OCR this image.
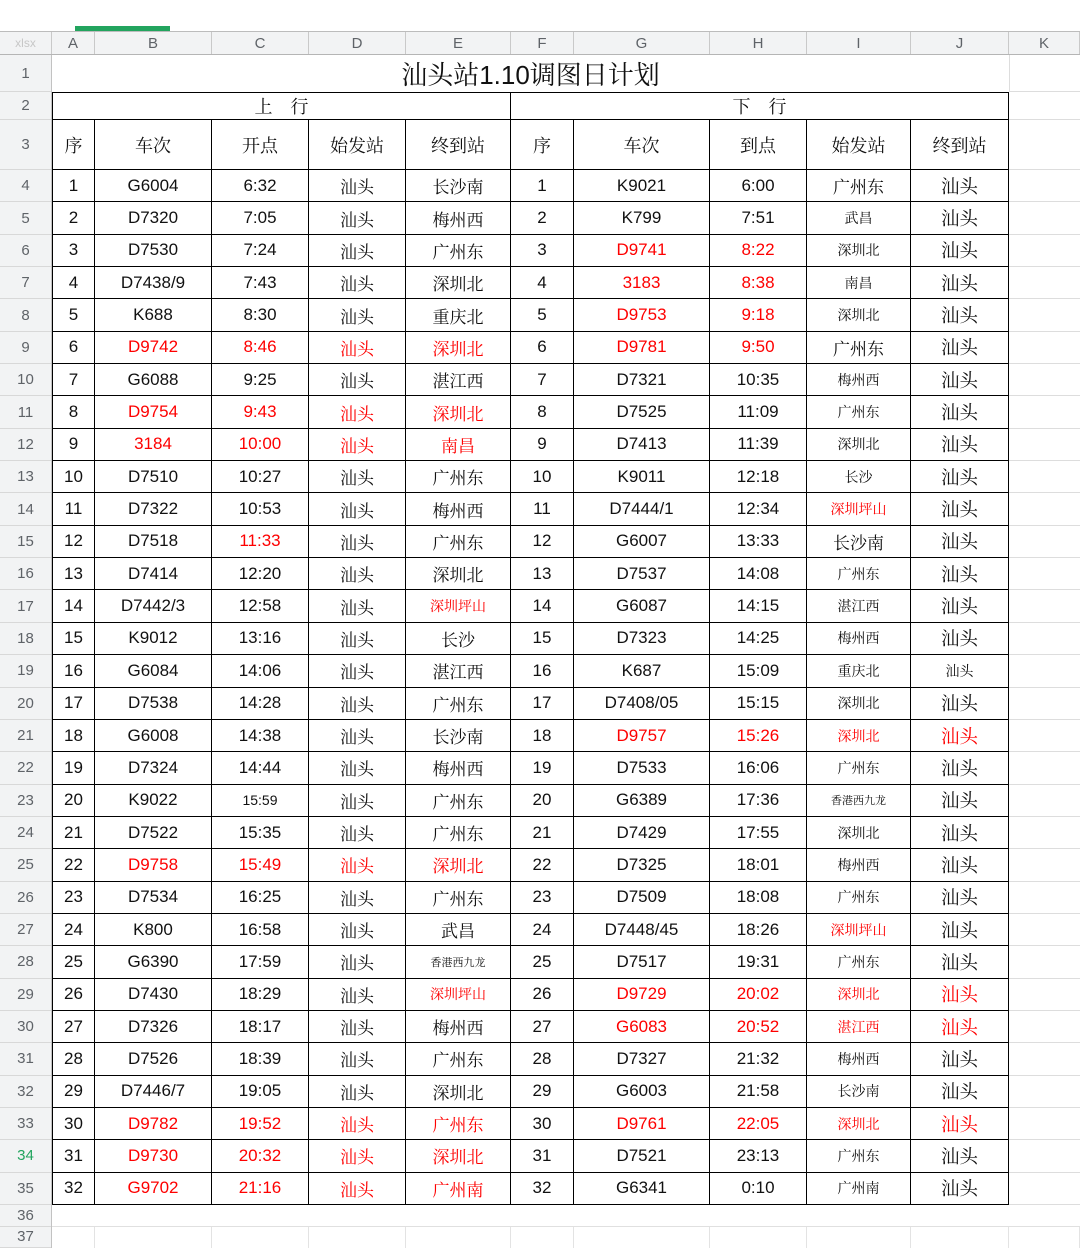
xlsx	A	B	C	D	E	F	G	H	I	J	K
1
2
3
4
5
6
7
8
9
10
11
12
13
14
15
16
17
18
19
20
21
22
23
24
25
26
27
28
29
30
31
32
33
34
35
36
37
汕头站1.10调图日计划
上　行	下　行
序	车次	开点	始发站	终到站	序	车次	到点	始发站	终到站
1	G6004	6:32	汕头	长沙南	1	K9021	6:00	广州东	汕头
2	D7320	7:05	汕头	梅州西	2	K799	7:51	武昌	汕头
3	D7530	7:24	汕头	广州东	3	D9741	8:22	深圳北	汕头
4	D7438/9	7:43	汕头	深圳北	4	3183	8:38	南昌	汕头
5	K688	8:30	汕头	重庆北	5	D9753	9:18	深圳北	汕头
6	D9742	8:46	汕头	深圳北	6	D9781	9:50	广州东	汕头
7	G6088	9:25	汕头	湛江西	7	D7321	10:35	梅州西	汕头
8	D9754	9:43	汕头	深圳北	8	D7525	11:09	广州东	汕头
9	3184	10:00	汕头	南昌	9	D7413	11:39	深圳北	汕头
10	D7510	10:27	汕头	广州东	10	K9011	12:18	长沙	汕头
11	D7322	10:53	汕头	梅州西	11	D7444/1	12:34	深圳坪山	汕头
12	D7518	11:33	汕头	广州东	12	G6007	13:33	长沙南	汕头
13	D7414	12:20	汕头	深圳北	13	D7537	14:08	广州东	汕头
14	D7442/3	12:58	汕头	深圳坪山	14	G6087	14:15	湛江西	汕头
15	K9012	13:16	汕头	长沙	15	D7323	14:25	梅州西	汕头
16	G6084	14:06	汕头	湛江西	16	K687	15:09	重庆北	汕头
17	D7538	14:28	汕头	广州东	17	D7408/05	15:15	深圳北	汕头
18	G6008	14:38	汕头	长沙南	18	D9757	15:26	深圳北	汕头
19	D7324	14:44	汕头	梅州西	19	D7533	16:06	广州东	汕头
20	K9022	15:59	汕头	广州东	20	G6389	17:36	香港西九龙	汕头
21	D7522	15:35	汕头	广州东	21	D7429	17:55	深圳北	汕头
22	D9758	15:49	汕头	深圳北	22	D7325	18:01	梅州西	汕头
23	D7534	16:25	汕头	广州东	23	D7509	18:08	广州东	汕头
24	K800	16:58	汕头	武昌	24	D7448/45	18:26	深圳坪山	汕头
25	G6390	17:59	汕头	香港西九龙	25	D7517	19:31	广州东	汕头
26	D7430	18:29	汕头	深圳坪山	26	D9729	20:02	深圳北	汕头
27	D7326	18:17	汕头	梅州西	27	G6083	20:52	湛江西	汕头
28	D7526	18:39	汕头	广州东	28	D7327	21:32	梅州西	汕头
29	D7446/7	19:05	汕头	深圳北	29	G6003	21:58	长沙南	汕头
30	D9782	19:52	汕头	广州东	30	D9761	22:05	深圳北	汕头
31	D9730	20:32	汕头	深圳北	31	D7521	23:13	广州东	汕头
32	G9702	21:16	汕头	广州南	32	G6341	0:10	广州南	汕头
